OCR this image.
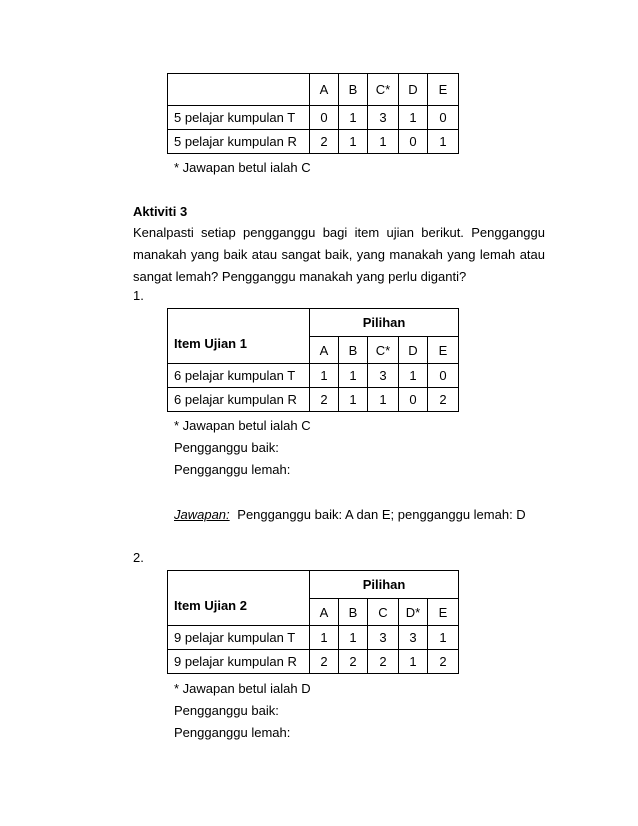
	A	B	C*	D	E
5 pelajar kumpulan T	0	1	3	1	0
5 pelajar kumpulan R	2	1	1	0	1
* Jawapan betul ialah C
Aktiviti 3
Kenalpasti setiap pengganggu bagi item ujian berikut. Pengganggu manakah yang baik atau sangat baik, yang manakah yang lemah atau sangat lemah? Pengganggu manakah yang perlu diganti?
1.
Item Ujian 1	Pilihan				
	A	B	C*	D	E
6 pelajar kumpulan T	1	1	3	1	0
6 pelajar kumpulan R	2	1	1	0	2
* Jawapan betul ialah C
Pengganggu baik:
Pengganggu lemah:
Jawapan: Pengganggu baik: A dan E; pengganggu lemah: D
2.
Item Ujian 2	Pilihan				
	A	B	C	D*	E
9 pelajar kumpulan T	1	1	3	3	1
9 pelajar kumpulan R	2	2	2	1	2
* Jawapan betul ialah D
Pengganggu baik:
Pengganggu lemah:
